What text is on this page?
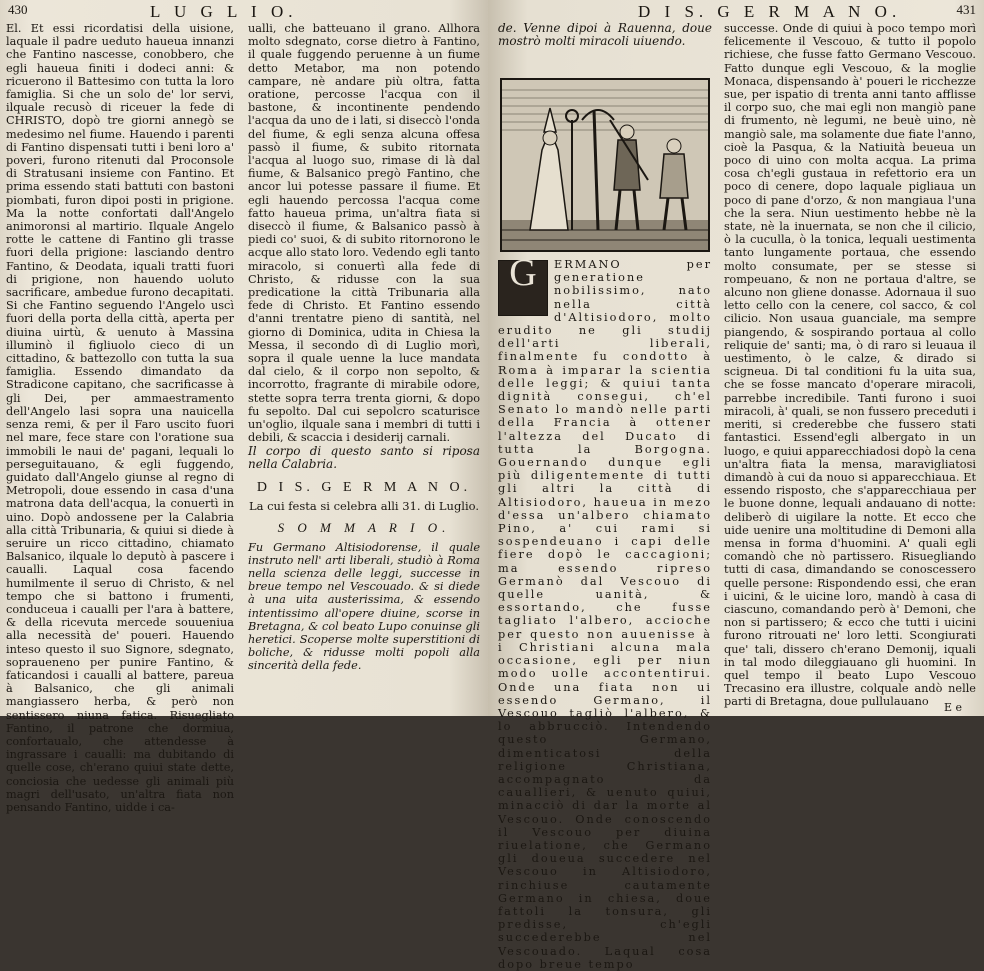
430	L U G L I O.

El. Et essi ricordatisi della uisione, laquale il padre ueduto haueua innanzi che Fantino nascesse, conobbero, che egli haueua finiti i dodeci anni: & ricuerono il Battesimo con tutta la loro famiglia. Si che un solo de' lor servi, ilquale recusò di riceuer la fede di CHRISTO, dopò tre giorni annegò se medesimo nel fiume. Hauendo i parenti di Fantino dispensati tutti i beni loro a' poveri, furono ritenuti dal Proconsole di Stratusani insieme con Fantino. Et prima essendo stati battuti con bastoni piombati, furon dipoi posti in prigione. Ma la notte confortati dall'Angelo animoronsi al martirio. Ilquale Angelo rotte le cattene di Fantino gli trasse fuori della prigione: lasciando dentro Fantino, & Deodata, iquali tratti fuori di prigione, non hauendo uoluto sacrificare, ambedue furono decapitati. Si che Fantino seguendo l'Angelo uscì fuori della porta della città, aperta per diuina uirtù, & uenuto à Massina illuminò il figliuolo cieco di un cittadino, & battezollo con tutta la sua famiglia. Essendo dimandato da Stradicone capitano, che sacrificasse à gli Dei, per ammaestramento dell'Angelo lasi sopra una nauicella senza remi, & per il Faro uscito fuori nel mare, fece stare con l'oratione sua immobili le naui de' pagani, lequali lo perseguitauano, & egli fuggendo, guidato dall'Angelo giunse al regno di Metropoli, doue essendo in casa d'una matrona data dell'acqua, la conuertì in uino. Dopò andossene per la Calabria alla città Tribunaria, & quiui si diede à seruire un ricco cittadino, chiamato Balsanico, ilquale lo deputò à pascere i caualli. Laqual cosa facendo humilmente il seruo di Christo, & nel tempo che si battono i frumenti, conduceua i caualli per l'ara à battere, & della ricevuta mercede souueniua alla necessità de' poueri. Hauendo inteso questo il suo Signore, sdegnato, sopraueneno per punire Fantino, & faticandosi i caualli al battere, pareua à Balsanico, che gli animali mangiassero herba, & però non sentissero niuna fatica. Risuegliato Fantino, il patrone che dormiua, confortaualo, che attendesse à ingrassare i caualli: ma dubitando di quelle cose, ch'erano quiui state dette, conciosia che uedesse gli animali più magri dell'usato, un'altra fiata non pensando Fantino, uidde i ca-

ualli, che batteuano il grano. Allhora molto sdegnato, corse dietro à Fantino, il quale fuggendo peruenne à un fiume detto Metabor, ma non potendo campare, nè andare più oltra, fatta oratione, percosse l'acqua con il bastone, & incontinente pendendo l'acqua da uno de i lati, si diseccò l'onda del fiume, & egli senza alcuna offesa passò il fiume, & subito ritornata l'acqua al luogo suo, rimase di là dal fiume, & Balsanico pregò Fantino, che ancor lui potesse passare il fiume. Et egli hauendo percossa l'acqua come fatto haueua prima, un'altra fiata si diseccò il fiume, & Balsanico passò à piedi co' suoi, & di subito ritornorono le acque allo stato loro. Vedendo egli tanto miracolo, si conuertì alla fede di Christo, & ridusse con la sua predicatione la città Tribunaria alla fede di Christo. Et Fantino essendo d'anni trentatre pieno di santità, nel giorno di Dominica, udita in Chiesa la Messa, il secondo dì di Luglio morì, sopra il quale uenne la luce mandata dal cielo, & il corpo non sepolto, & incorrotto, fragrante di mirabile odore, stette sopra terra trenta giorni, & dopo fu sepolto. Dal cui sepolcro scaturisce un'oglio, ilquale sana i membri di tutti i debili, & scaccia i desiderij carnali.

Il corpo di questo santo si riposa nella Calabria.

D I S. G E R M A N O.
La cui festa si celebra alli 31. di Luglio.
S O M M A R I O.

Fu Germano Altisiodorense, il quale instruto nell' arti liberali, studiò à Roma nella scienza delle leggi, successe in breue tempo nel Vescouado. & si diede à una uita austerissima, & essendo intentissimo all'opere diuine, scorse in Bretagna, & col beato Lupo conuinse gli heretici. Scoperse molte superstitioni di boliche, & ridusse molti popoli alla sincerità della fede.

D I S. G E R M A N O.	431

de. Venne dipoi à Rauenna, doue mostrò molti miracoli uiuendo.

G	ERMANO per generatione nobilissimo, nato nella città d'Altisiodoro, molto erudito ne gli studij dell'arti liberali, finalmente fu condotto à Roma à imparar la scientia delle leggi; & quiui tanta dignità consegui, ch'el Senato lo mandò nelle parti della Francia à ottener l'altezza del Ducato di tutta la Borgogna. Gouernando dunque egli più diligentemente di tutti gli altri la città di Altisiodoro, haueua in mezo d'essa un'albero chiamato Pino, a' cui rami si sospendeuano i capi delle fiere dopò le caccagioni; ma essendo ripreso Germanò dal Vescouo di quelle uanità, & essortando, che fusse tagliato l'albero, accioche per questo non auuenisse à i Christiani alcuna mala occasione, egli per niun modo uolle accontentirui. Onde una fiata non ui essendo Germano, il Vescouo tagliò l'albero, & lo abbrucciò. Intendendo questo Germano, dimenticatosi della religione Christiana, accompagnato da cauallieri, & uenuto quiui, minacciò di dar la morte al Vescouo. Onde conoscendo il Vescouo per diuina riuelatione, che Germano gli doueua succedere nel Vescouo in Altisiodoro, rinchiuse cautamente Germano in chiesa, doue fattoli la tonsura, gli predisse, ch'egli succederebbe nel Vescouado. Laqual cosa dopo breue tempo

successe. Onde di quiui à poco tempo morì felicemente il Vescouo, & tutto il popolo richiese, che fusse fatto Germano Vescouo. Fatto dunque egli Vescouo, & la moglie Monaca, dispensando à' poueri le ricchezze sue, per ispatio di trenta anni tanto afflisse il corpo suo, che mai egli non mangiò pane di frumento, nè legumi, ne beuè uino, nè mangiò sale, ma solamente due fiate l'anno, cioè la Pasqua, & la Natiuità beueua un poco di uino con molta acqua. La prima cosa ch'egli gustaua in refettorio era un poco di cenere, dopo laquale pigliaua un poco di pane d'orzo, & non mangiaua l'una che la sera. Niun uestimento hebbe nè la state, nè la inuernata, se non che il cilicio, ò la cuculla, ò la tonica, lequali uestimenta tanto lungamente portaua, che essendo molto consumate, per se stesse si rompeuano, & non ne portaua d'altre, se alcuno non gliene donasse. Adornaua il suo letto cello con la cenere, col sacco, & col cilicio. Non usaua guanciale, ma sempre piangendo, & sospirando portaua al collo reliquie de' santi; ma, ò di raro si leuaua il uestimento, ò le calze, & dirado si scigneua. Di tal conditioni fu la uita sua, che se fosse mancato d'operare miracoli, parrebbe incredibile. Tanti furono i suoi miracoli, à' quali, se non fussero preceduti i meriti, si crederebbe che fussero stati fantastici. Essend'egli albergato in un luogo, e quiui apparecchiadosi dopò la cena un'altra fiata la mensa, maravigliatosi dimandò à cui da nouo si apparecchiaua. Et essendo risposto, che s'apparecchiaua per le buone donne, lequali andauano di notte: deliberò di uigilare la notte. Et ecco che uide uenire una moltitudine di Demoni alla mensa in forma d'huomini. A' quali egli comandò che nò partissero. Risuegliando tutti di casa, dimandando se conoscessero quelle persone: Rispondendo essi, che eran i uicini, & le uicine loro, mandò à casa di ciascuno, comandando però à' Demoni, che non si partissero; & ecco che tutti i uicini furono ritrouati ne' loro letti. Scongiurati que' tali, dissero ch'erano Demonij, iquali in tal modo dileggiauano gli huomini. In quel tempo il beato Lupo Vescouo Trecasino era illustre, colquale andò nelle parti di Bretagna, doue pullulauano	E e
